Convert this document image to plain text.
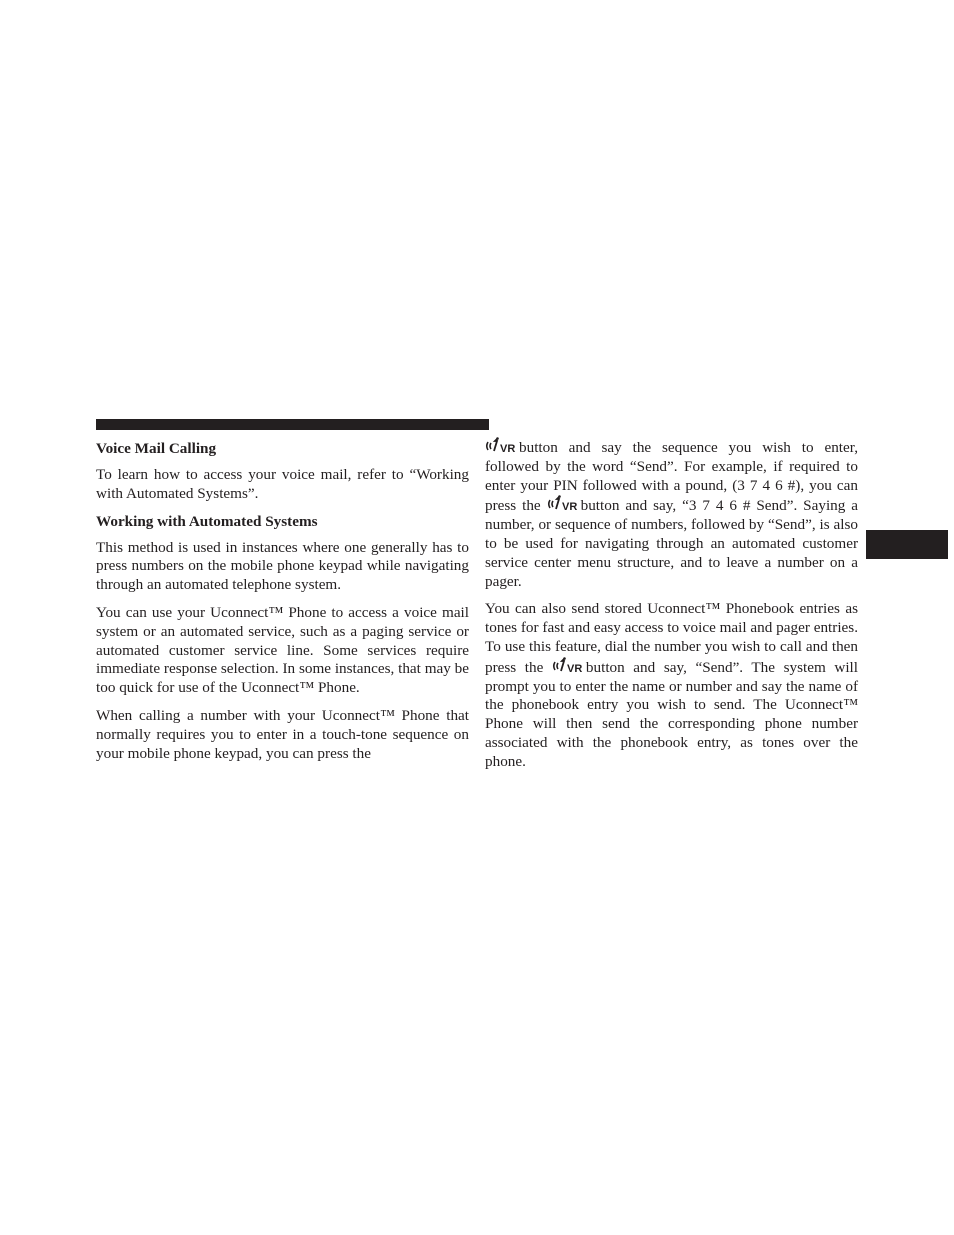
Voice Mail Calling

To learn how to access your voice mail, refer to “Working with Automated Systems”.

Working with Automated Systems

This method is used in instances where one generally has to press numbers on the mobile phone keypad while navigating through an automated telephone system.

You can use your Uconnect™ Phone to access a voice mail system or an automated service, such as a paging service or automated customer service line. Some services require immediate response selection. In some instances, that may be too quick for use of the Uconnect™ Phone.

When calling a number with your Uconnect™ Phone that normally requires you to enter in a touch-tone sequence on your mobile phone keypad, you can press the

VR button and say the sequence you wish to enter, followed by the word “Send”. For example, if required to enter your PIN followed with a pound, (3 7 4 6 #), you can press the VR button and say, “3 7 4 6 # Send”. Saying a number, or sequence of numbers, followed by “Send”, is also to be used for navigating through an automated customer service center menu structure, and to leave a number on a pager.

You can also send stored Uconnect™ Phonebook entries as tones for fast and easy access to voice mail and pager entries. To use this feature, dial the number you wish to call and then press the VR button and say, “Send”. The system will prompt you to enter the name or number and say the name of the phonebook entry you wish to send. The Uconnect™ Phone will then send the corresponding phone number associated with the phonebook entry, as tones over the phone.
